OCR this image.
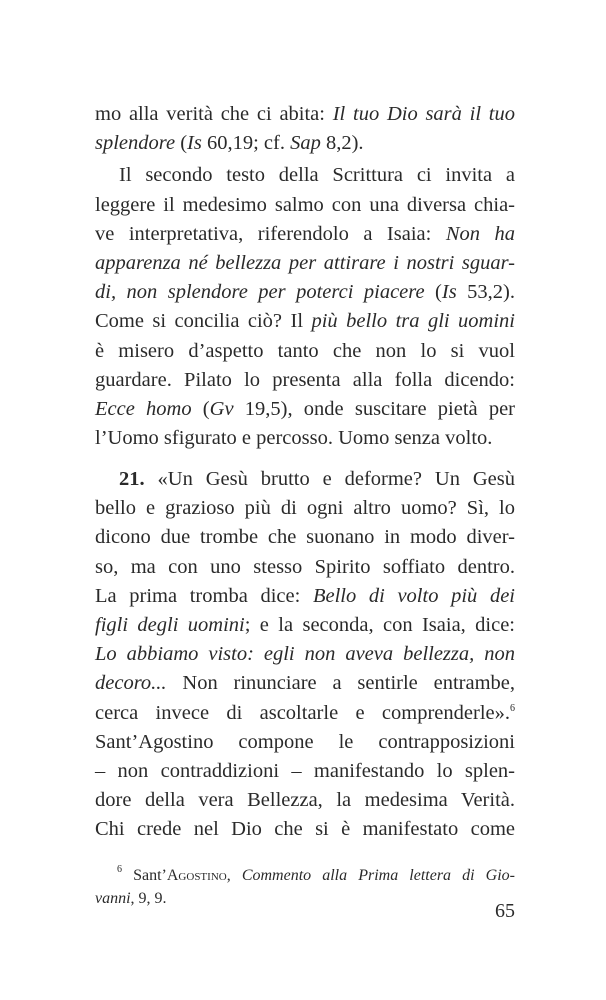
mo alla verità che ci abita: Il tuo Dio sarà il tuo
splendore (Is 60,19; cf. Sap 8,2).
Il secondo testo della Scrittura ci invita a
leggere il medesimo salmo con una diversa chia-
ve interpretativa, riferendolo a Isaia: Non ha
apparenza né bellezza per attirare i nostri sguar-
di, non splendore per poterci piacere (Is 53,2).
Come si concilia ciò? Il più bello tra gli uomini
è misero d’aspetto tanto che non lo si vuol
guardare. Pilato lo presenta alla folla dicendo:
Ecce homo (Gv 19,5), onde suscitare pietà per
l’Uomo sfigurato e percosso. Uomo senza volto.
21. «Un Gesù brutto e deforme? Un Gesù
bello e grazioso più di ogni altro uomo? Sì, lo
dicono due trombe che suonano in modo diver-
so, ma con uno stesso Spirito soffiato dentro.
La prima tromba dice: Bello di volto più dei
figli degli uomini; e la seconda, con Isaia, dice:
Lo abbiamo visto: egli non aveva bellezza, non
decoro... Non rinunciare a sentirle entrambe,
cerca invece di ascoltarle e comprenderle».$^6$
Sant’Agostino compone le contrapposizioni
– non contraddizioni – manifestando lo splen-
dore della vera Bellezza, la medesima Verità.
Chi crede nel Dio che si è manifestato come
$^6$ Sant’Agostino, Commento alla Prima lettera di Gio-
vanni, 9, 9.
65
